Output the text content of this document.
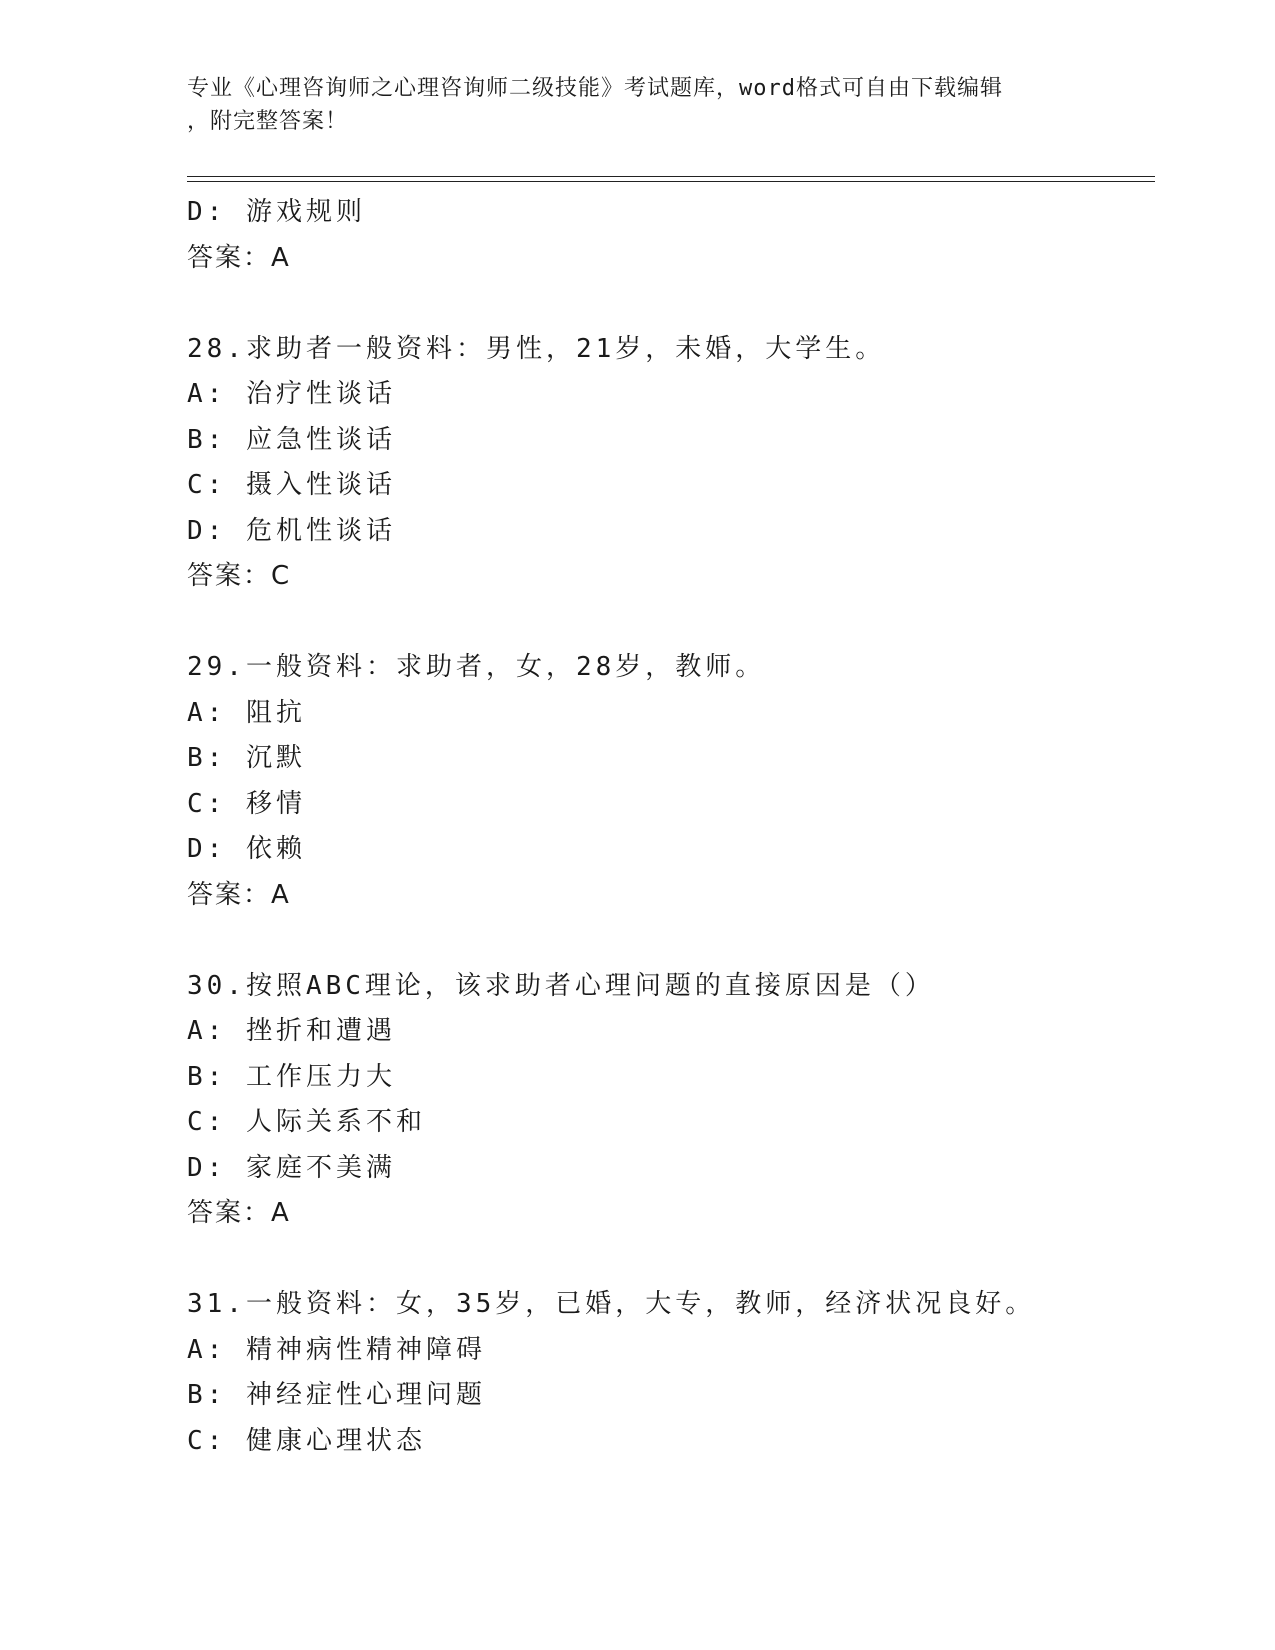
专业《心理咨询师之心理咨询师二级技能》考试题库，word格式可自由下载编辑
，附完整答案！
D: 游戏规则
答案：A
28.求助者一般资料：男性，21岁，未婚，大学生。
A: 治疗性谈话
B: 应急性谈话
C: 摄入性谈话
D: 危机性谈话
答案：C
29.一般资料：求助者，女，28岁，教师。
A: 阻抗
B: 沉默
C: 移情
D: 依赖
答案：A
30.按照ABC理论，该求助者心理问题的直接原因是（）
A: 挫折和遭遇
B: 工作压力大
C: 人际关系不和
D: 家庭不美满
答案：A
31.一般资料：女，35岁，已婚，大专，教师，经济状况良好。
A: 精神病性精神障碍
B: 神经症性心理问题
C: 健康心理状态
